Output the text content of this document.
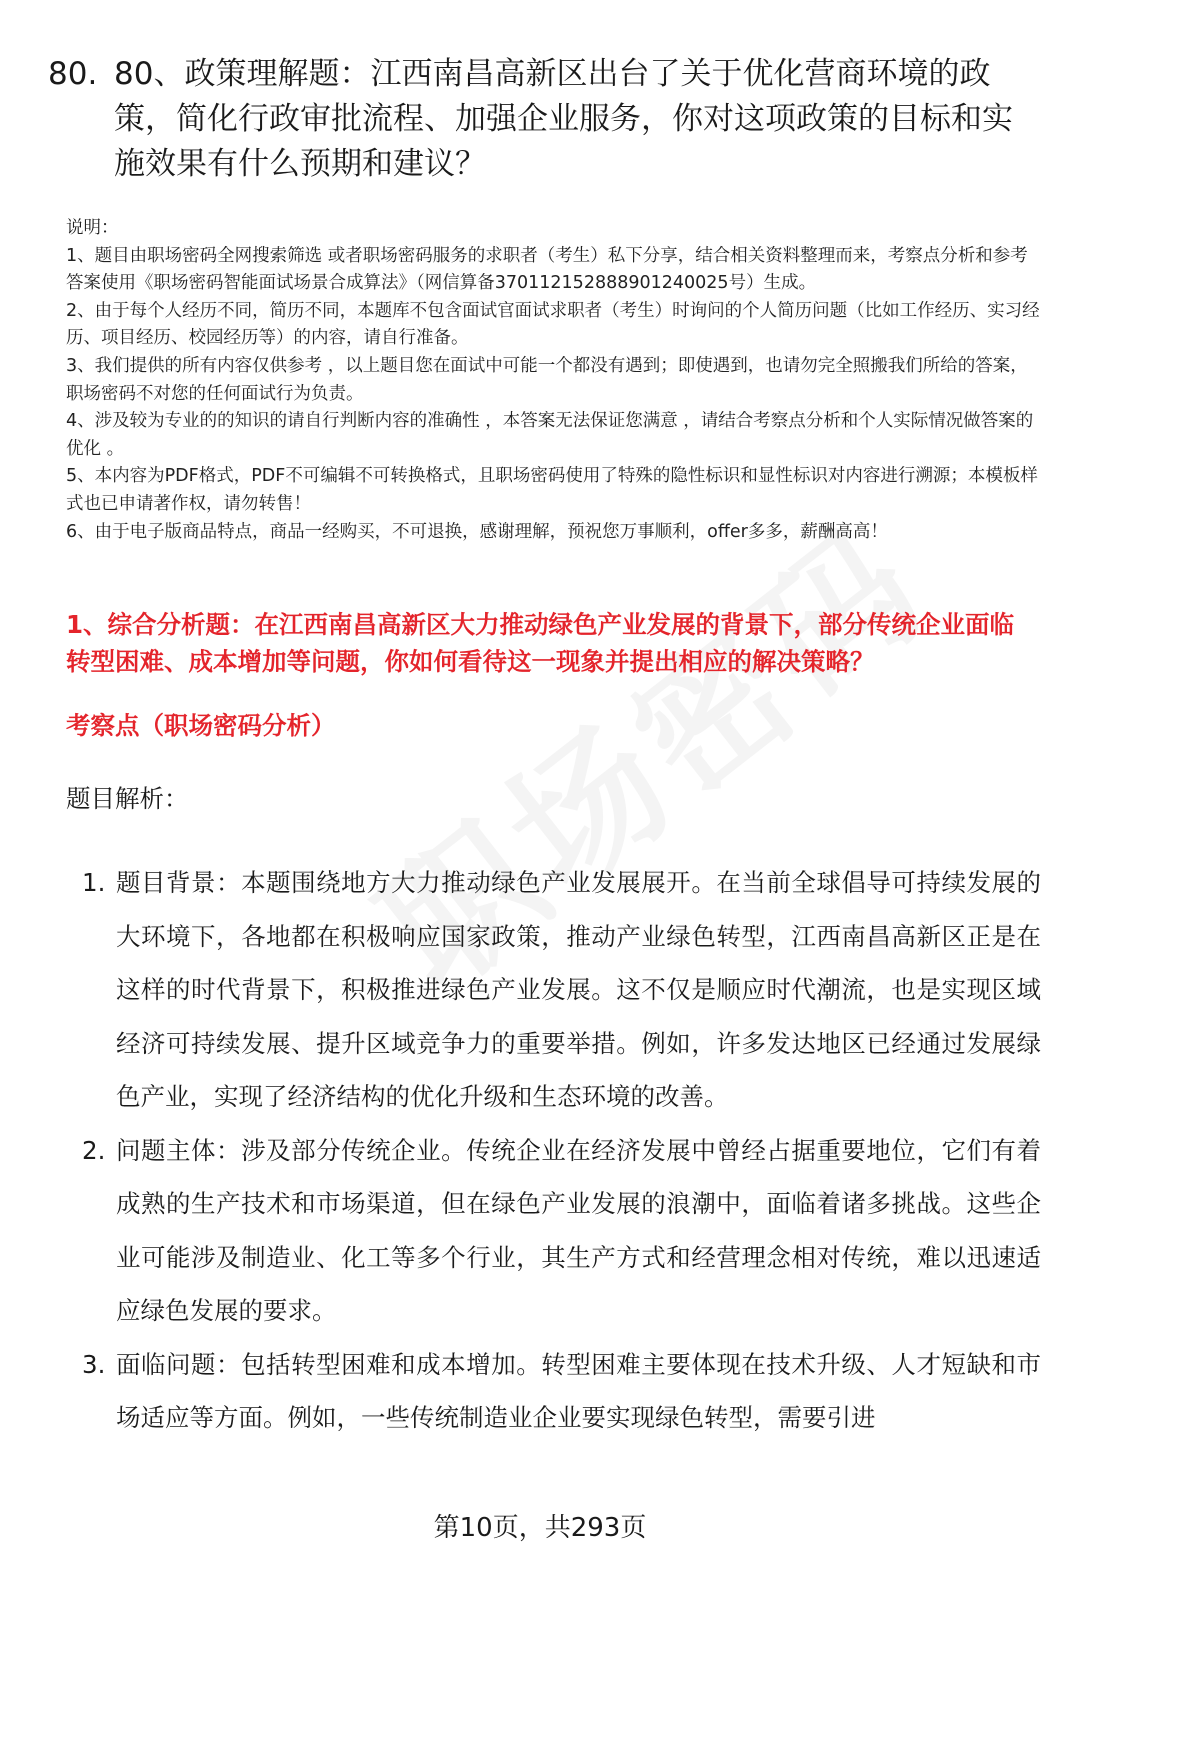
80. 80、政策理解题：江西南昌高新区出台了关于优化营商环境的政策，简化行政审批流程、加强企业服务，你对这项政策的目标和实施效果有什么预期和建议？

说明：

1、题目由职场密码全网搜索筛选 或者职场密码服务的求职者（考生）私下分享，结合相关资料整理而来，考察点分析和参考答案使用《职场密码智能面试场景合成算法》（网信算备370112152888901240025号）生成。

2、由于每个人经历不同，简历不同，本题库不包含面试官面试求职者（考生）时询问的个人简历问题（比如工作经历、实习经历、项目经历、校园经历等）的内容，请自行准备。

3、我们提供的所有内容仅供参考 ，以上题目您在面试中可能一个都没有遇到；即使遇到，也请勿完全照搬我们所给的答案，职场密码不对您的任何面试行为负责。

4、涉及较为专业的的知识的请自行判断内容的准确性 ，本答案无法保证您满意 ，请结合考察点分析和个人实际情况做答案的优化 。

5、本内容为PDF格式，PDF不可编辑不可转换格式，且职场密码使用了特殊的隐性标识和显性标识对内容进行溯源；本模板样式也已申请著作权，请勿转售！

6、由于电子版商品特点，商品一经购买，不可退换，感谢理解，预祝您万事顺利，offer多多，薪酬高高！

1、综合分析题：在江西南昌高新区大力推动绿色产业发展的背景下，部分传统企业面临转型困难、成本增加等问题，你如何看待这一现象并提出相应的解决策略？
考察点（职场密码分析）
题目解析：
1. 题目背景：本题围绕地方大力推动绿色产业发展展开。在当前全球倡导可持续发展的大环境下，各地都在积极响应国家政策，推动产业绿色转型，江西南昌高新区正是在这样的时代背景下，积极推进绿色产业发展。这不仅是顺应时代潮流，也是实现区域经济可持续发展、提升区域竞争力的重要举措。例如，许多发达地区已经通过发展绿色产业，实现了经济结构的优化升级和生态环境的改善。
2. 问题主体：涉及部分传统企业。传统企业在经济发展中曾经占据重要地位，它们有着成熟的生产技术和市场渠道，但在绿色产业发展的浪潮中，面临着诸多挑战。这些企业可能涉及制造业、化工等多个行业，其生产方式和经营理念相对传统，难以迅速适应绿色发展的要求。
3. 面临问题：包括转型困难和成本增加。转型困难主要体现在技术升级、人才短缺和市场适应等方面。例如，一些传统制造业企业要实现绿色转型，需要引进
第10页，共293页
